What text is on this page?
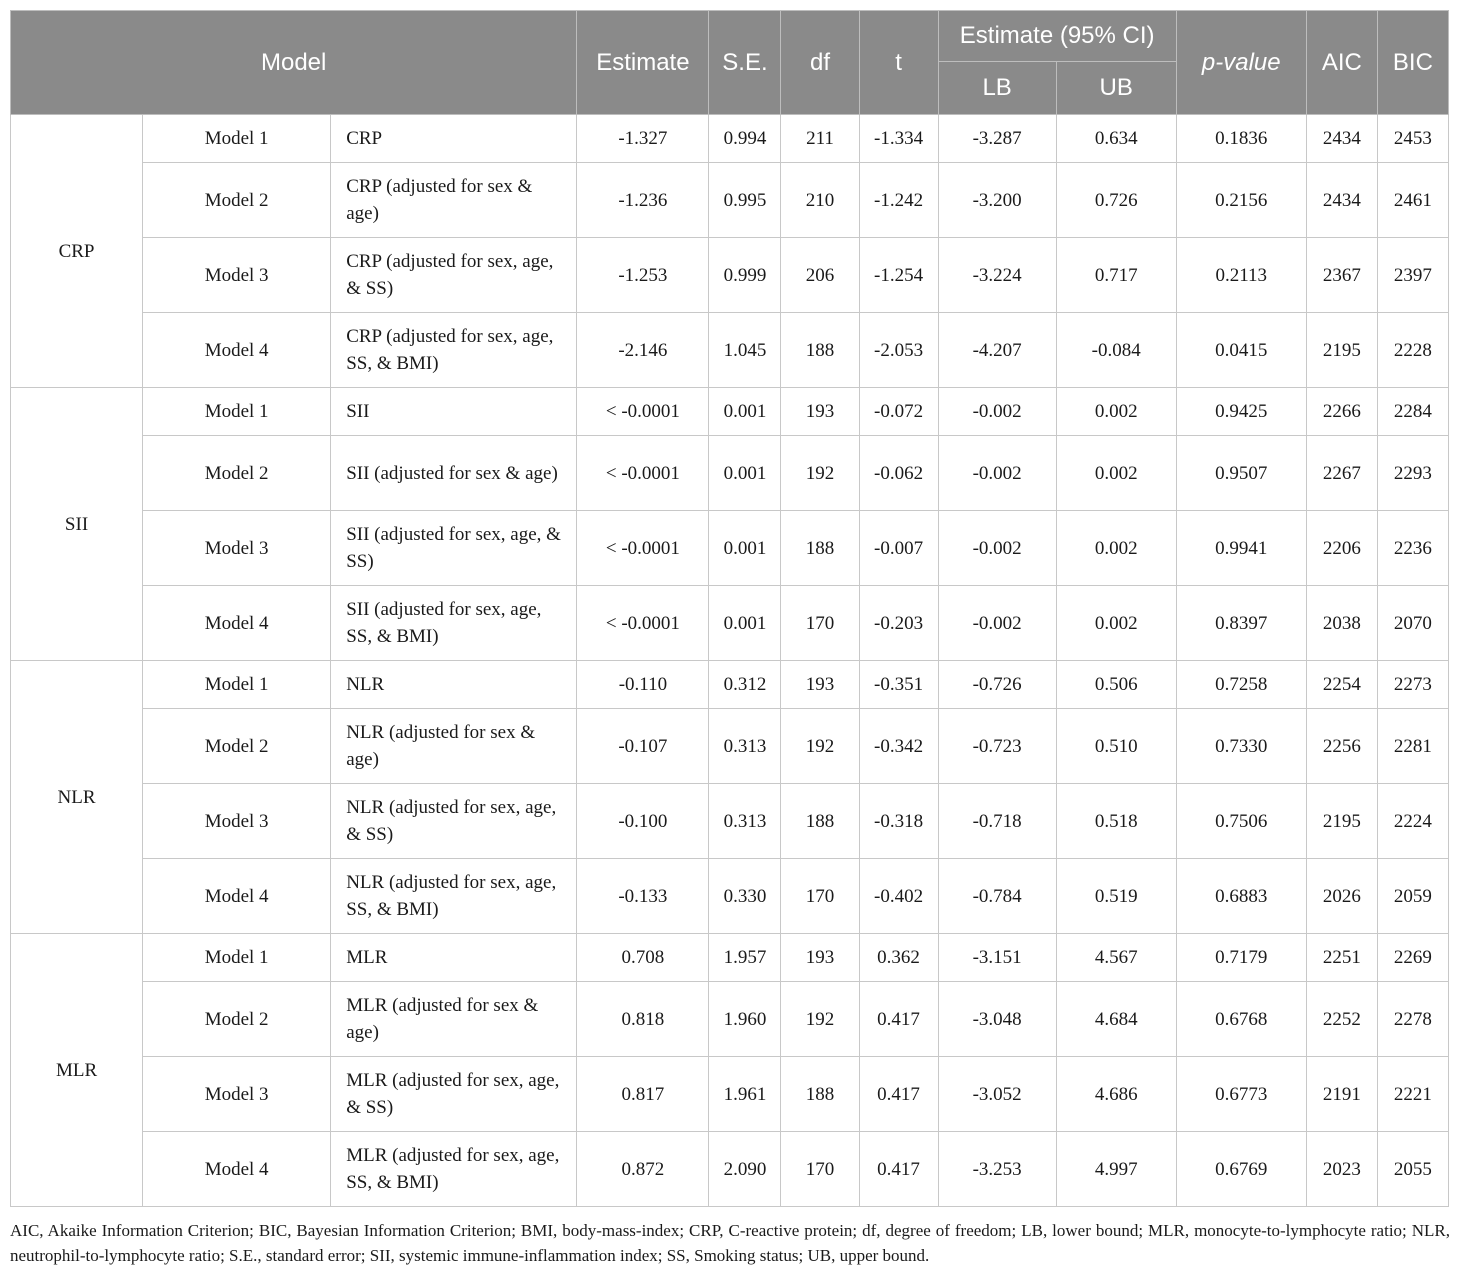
Model			Estimate	S.E.	df	t	Estimate (95% CI)		p-value	AIC	BIC
							LB	UB			
CRP	Model 1	CRP	-1.327	0.994	211	-1.334	-3.287	0.634	0.1836	2434	2453
	Model 2	CRP (adjusted for sex & age)	-1.236	0.995	210	-1.242	-3.200	0.726	0.2156	2434	2461
	Model 3	CRP (adjusted for sex, age, & SS)	-1.253	0.999	206	-1.254	-3.224	0.717	0.2113	2367	2397
	Model 4	CRP (adjusted for sex, age, SS, & BMI)	-2.146	1.045	188	-2.053	-4.207	-0.084	0.0415	2195	2228
SII	Model 1	SII	< -0.0001	0.001	193	-0.072	-0.002	0.002	0.9425	2266	2284
	Model 2	SII (adjusted for sex & age)	< -0.0001	0.001	192	-0.062	-0.002	0.002	0.9507	2267	2293
	Model 3	SII (adjusted for sex, age, & SS)	< -0.0001	0.001	188	-0.007	-0.002	0.002	0.9941	2206	2236
	Model 4	SII (adjusted for sex, age, SS, & BMI)	< -0.0001	0.001	170	-0.203	-0.002	0.002	0.8397	2038	2070
NLR	Model 1	NLR	-0.110	0.312	193	-0.351	-0.726	0.506	0.7258	2254	2273
	Model 2	NLR (adjusted for sex & age)	-0.107	0.313	192	-0.342	-0.723	0.510	0.7330	2256	2281
	Model 3	NLR (adjusted for sex, age, & SS)	-0.100	0.313	188	-0.318	-0.718	0.518	0.7506	2195	2224
	Model 4	NLR (adjusted for sex, age, SS, & BMI)	-0.133	0.330	170	-0.402	-0.784	0.519	0.6883	2026	2059
MLR	Model 1	MLR	0.708	1.957	193	0.362	-3.151	4.567	0.7179	2251	2269
	Model 2	MLR (adjusted for sex & age)	0.818	1.960	192	0.417	-3.048	4.684	0.6768	2252	2278
	Model 3	MLR (adjusted for sex, age, & SS)	0.817	1.961	188	0.417	-3.052	4.686	0.6773	2191	2221
	Model 4	MLR (adjusted for sex, age, SS, & BMI)	0.872	2.090	170	0.417	-3.253	4.997	0.6769	2023	2055
AIC, Akaike Information Criterion; BIC, Bayesian Information Criterion; BMI, body-mass-index; CRP, C-reactive protein; df, degree of freedom; LB, lower bound; MLR, monocyte-to-lymphocyte ratio; NLR, neutrophil-to-lymphocyte ratio; S.E., standard error; SII, systemic immune-inflammation index; SS, Smoking status; UB, upper bound.
